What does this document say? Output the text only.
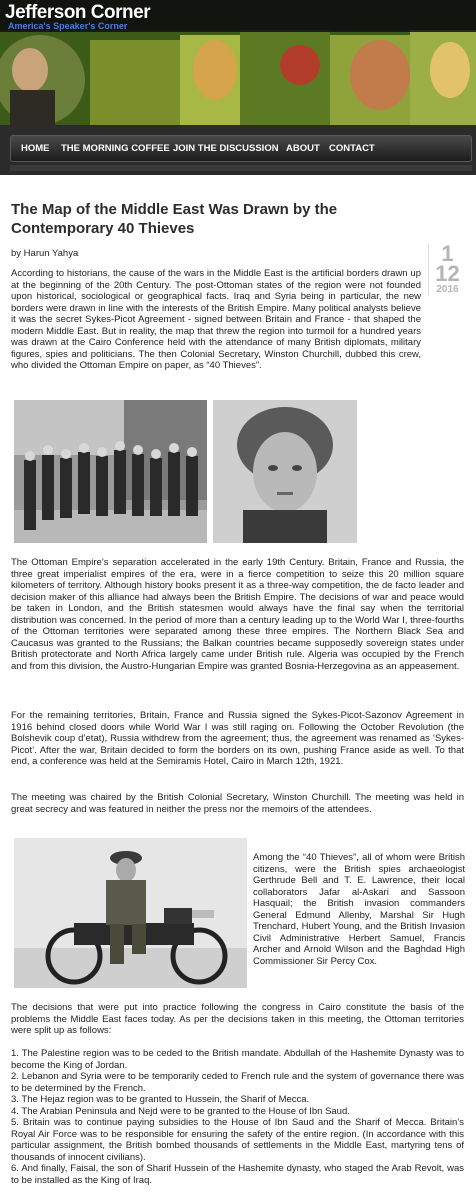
Jefferson Corner
America's Speaker's Corner
HOME THE MORNING COFFEE JOIN THE DISCUSSION ABOUT CONTACT
The Map of the Middle East Was Drawn by the Contemporary 40 Thieves
by Harun Yahya	1
12
2016

According to historians, the cause of the wars in the Middle East is the artificial borders drawn up at the beginning of the 20th Century. The post-Ottoman states of the region were not founded upon historical, sociological or geographical facts. Iraq and Syria being in particular, the new borders were drawn in line with the interests of the British Empire. Many political analysts believe it was the secret Sykes-Picot Agreement - signed between Britain and France - that shaped the modern Middle East. But in reality, the map that threw the region into turmoil for a hundred years was drawn at the Cairo Conference held with the attendance of many British diplomats, military figures, spies and politicians. The then Colonial Secretary, Winston Churchill, dubbed this crew, who divided the Ottoman Empire on paper, as “40 Thieves”.

The Ottoman Empire’s separation accelerated in the early 19th Century. Britain, France and Russia, the three great imperialist empires of the era, were in a fierce competition to seize this 20 million square kilometers of territory. Although history books present it as a three-way competition, the de facto leader and decision maker of this alliance had always been the British Empire. The decisions of war and peace would be taken in London, and the British statesmen would always have the final say when the territorial distribution was concerned. In the period of more than a century leading up to the World War I, three-fourths of the Ottoman territories were separated among these three empires. The Northern Black Sea and Caucasus was granted to the Russians; the Balkan countries became supposedly sovereign states under British protectorate and North Africa largely came under British rule. Algeria was occupied by the French and from this division, the Austro-Hungarian Empire was granted Bosnia-Herzegovina as an appeasement.

For the remaining territories, Britain, France and Russia signed the Sykes-Picot-Sazonov Agreement in 1916 behind closed doors while World War I was still raging on. Following the October Revolution (the Bolshevik coup d’etat), Russia withdrew from the agreement; thus, the agreement was renamed as ‘Sykes-Picot’. After the war, Britain decided to form the borders on its own, pushing France aside as well. To that end, a conference was held at the Semiramis Hotel, Cairo in March 12th, 1921.

The meeting was chaired by the British Colonial Secretary, Winston Churchill. The meeting was held in great secrecy and was featured in neither the press nor the memoirs of the attendees.

Among the “40 Thieves”, all of whom were British citizens, were the British spies archaeologist Gerthrude Bell and T. E. Lawrence, their local collaborators Jafar al-Askari and Sassoon Hasquail; the British invasion commanders General Edmund Allenby, Marshal Sir Hugh Trenchard, Hubert Young, and the British Invasion Civil Administrative Herbert Samuel, Francis Archer and Arnold Wilson and the Baghdad High Commissioner Sir Percy Cox.

The decisions that were put into practice following the congress in Cairo constitute the basis of the problems the Middle East faces today. As per the decisions taken in this meeting, the Ottoman territories were split up as follows:

1. The Palestine region was to be ceded to the British mandate. Abdullah of the Hashemite Dynasty was to become the King of Jordan.
2. Lebanon and Syria were to be temporarily ceded to French rule and the system of governance there was to be determined by the French.
3. The Hejaz region was to be granted to Hussein, the Sharif of Mecca.
4. The Arabian Peninsula and Nejd were to be granted to the House of Ibn Saud.
5. Britain was to continue paying subsidies to the House of Ibn Saud and the Sharif of Mecca. Britain’s Royal Air Force was to be responsible for ensuring the safety of the entire region. (In accordance with this particular assignment, the British bombed thousands of settlements in the Middle East, martyring tens of thousands of innocent civilians).
6. And finally, Faisal, the son of Sharif Hussein of the Hashemite dynasty, who staged the Arab Revolt, was to be installed as the King of Iraq.
